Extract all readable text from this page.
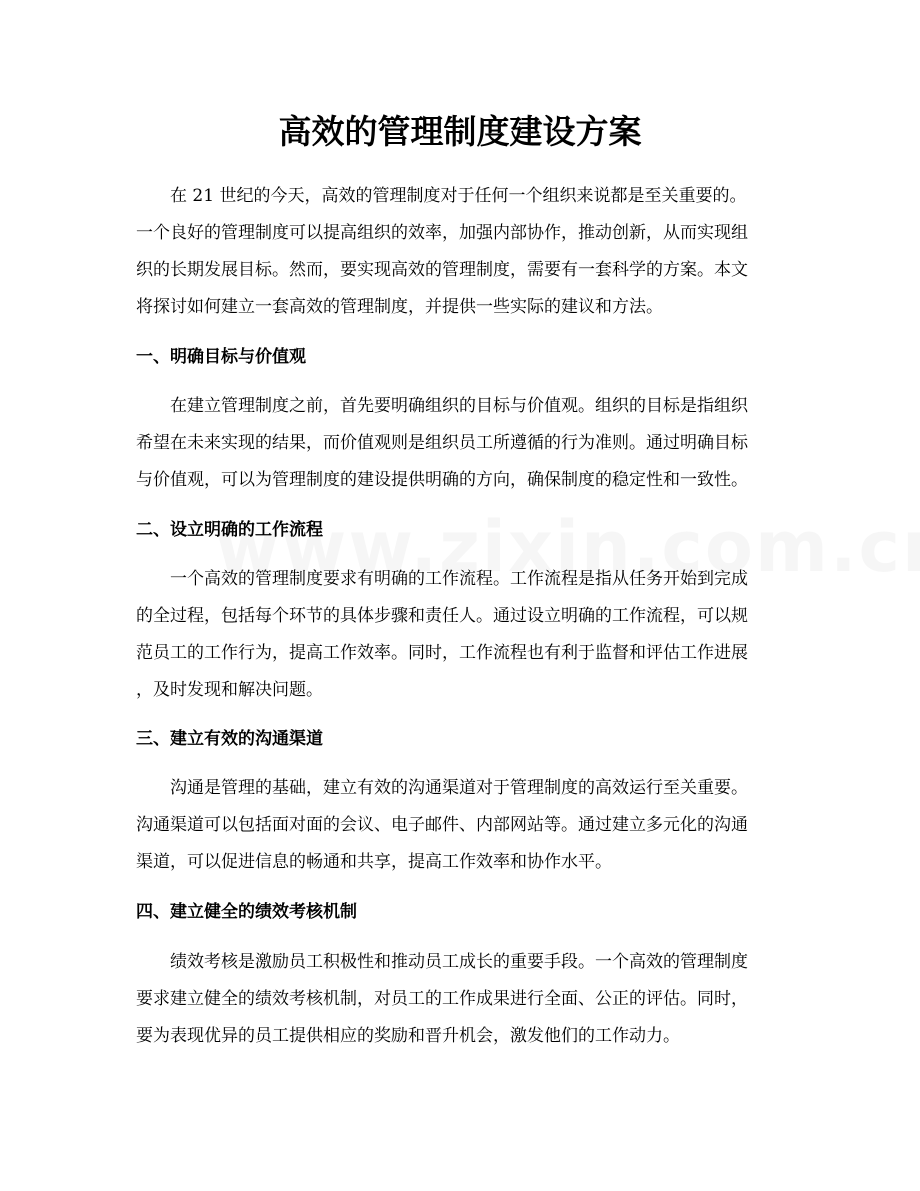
高效的管理制度建设方案

在 21 世纪的今天，高效的管理制度对于任何一个组织来说都是至关重要的。
一个良好的管理制度可以提高组织的效率，加强内部协作，推动创新，从而实现组
织的长期发展目标。然而，要实现高效的管理制度，需要有一套科学的方案。本文
将探讨如何建立一套高效的管理制度，并提供一些实际的建议和方法。

一、明确目标与价值观

在建立管理制度之前，首先要明确组织的目标与价值观。组织的目标是指组织
希望在未来实现的结果，而价值观则是组织员工所遵循的行为准则。通过明确目标
与价值观，可以为管理制度的建设提供明确的方向，确保制度的稳定性和一致性。

二、设立明确的工作流程

一个高效的管理制度要求有明确的工作流程。工作流程是指从任务开始到完成
的全过程，包括每个环节的具体步骤和责任人。通过设立明确的工作流程，可以规
范员工的工作行为，提高工作效率。同时，工作流程也有利于监督和评估工作进展
，及时发现和解决问题。

三、建立有效的沟通渠道

沟通是管理的基础，建立有效的沟通渠道对于管理制度的高效运行至关重要。
沟通渠道可以包括面对面的会议、电子邮件、内部网站等。通过建立多元化的沟通
渠道，可以促进信息的畅通和共享，提高工作效率和协作水平。

四、建立健全的绩效考核机制

绩效考核是激励员工积极性和推动员工成长的重要手段。一个高效的管理制度
要求建立健全的绩效考核机制，对员工的工作成果进行全面、公正的评估。同时，
要为表现优异的员工提供相应的奖励和晋升机会，激发他们的工作动力。
